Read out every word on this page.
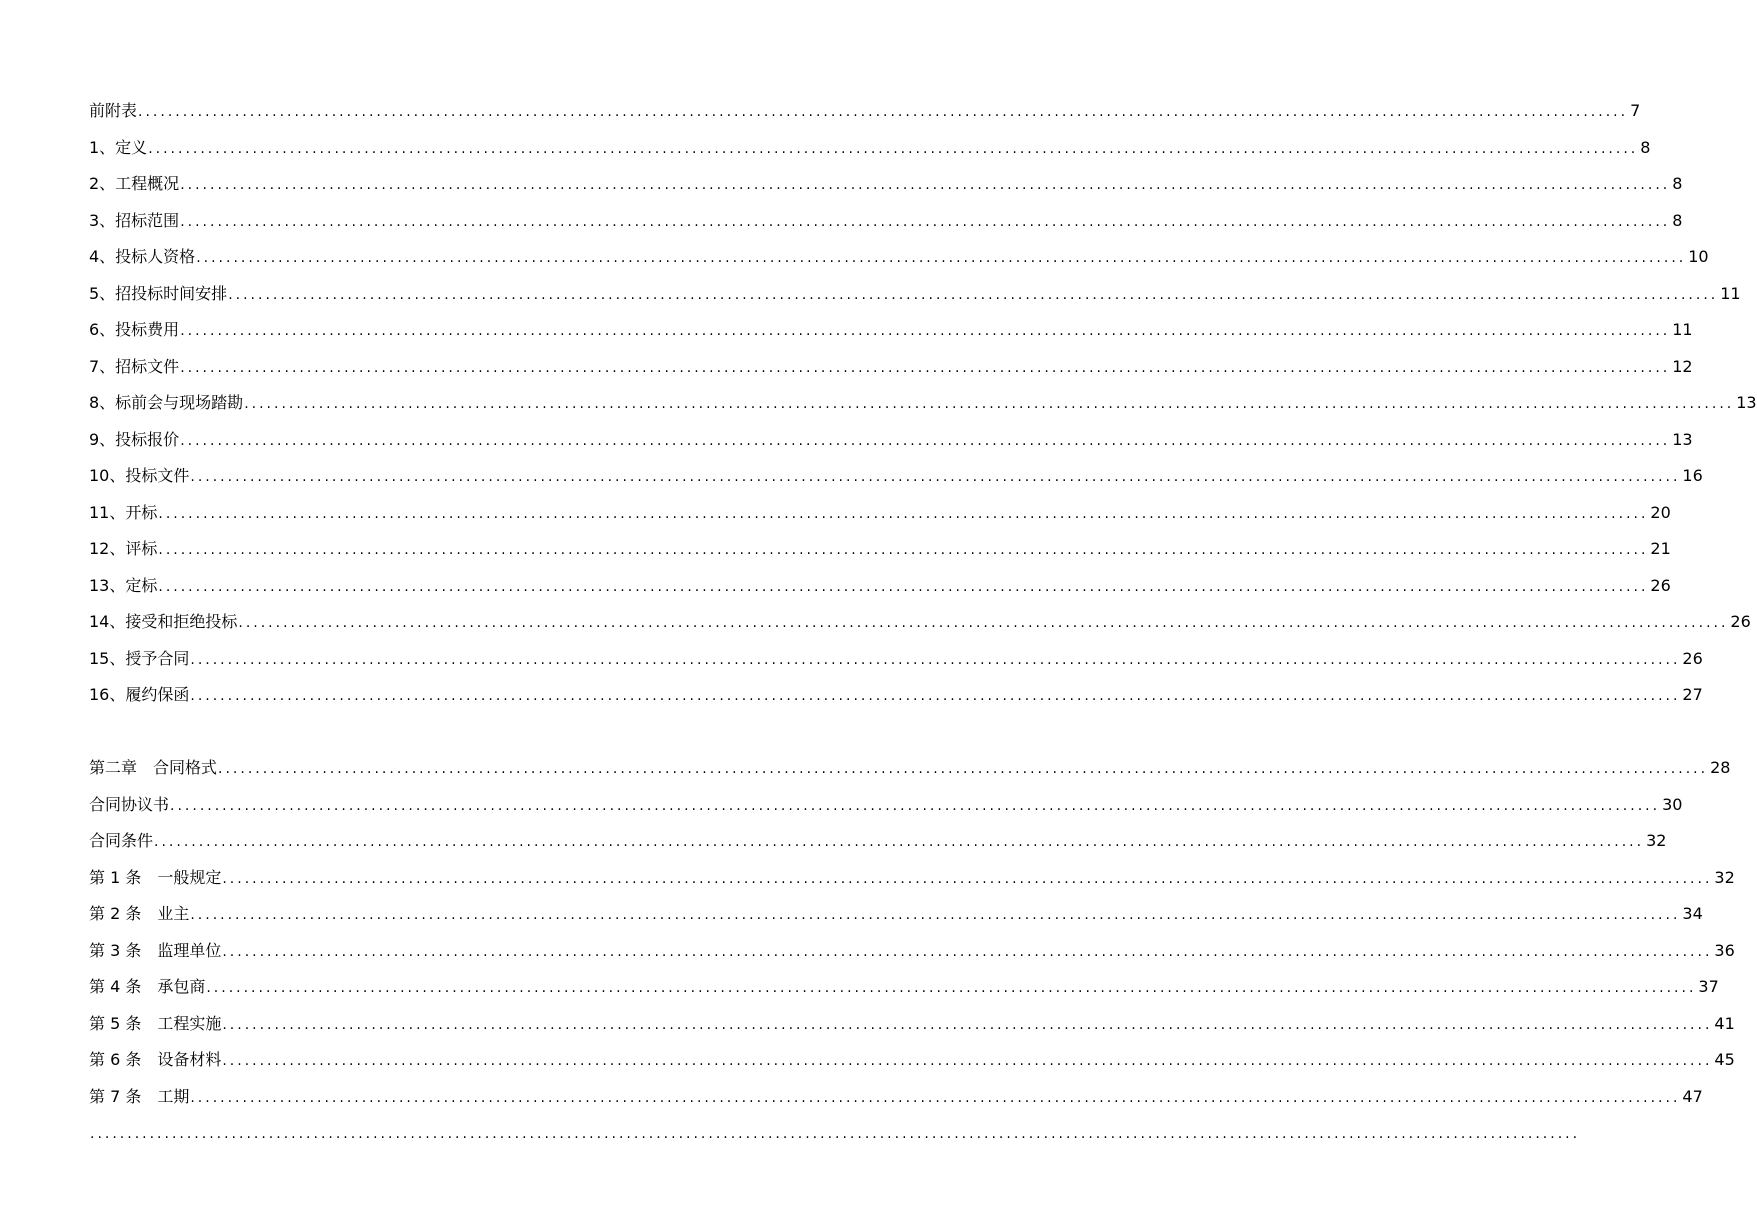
前附表 ........................................................................................................................................................................................................ 7
1、定义 ........................................................................................................................................................................................................ 8
2、工程概况 ........................................................................................................................................................................................................ 8
3、招标范围 ........................................................................................................................................................................................................ 8
4、投标人资格 ........................................................................................................................................................................................................ 10
5、招投标时间安排 ........................................................................................................................................................................................................ 11
6、投标费用 ........................................................................................................................................................................................................ 11
7、招标文件 ........................................................................................................................................................................................................ 12
8、标前会与现场踏勘 ........................................................................................................................................................................................................ 13
9、投标报价 ........................................................................................................................................................................................................ 13
10、投标文件 ........................................................................................................................................................................................................ 16
11、开标 ........................................................................................................................................................................................................ 20
12、评标 ........................................................................................................................................................................................................ 21
13、定标 ........................................................................................................................................................................................................ 26
14、接受和拒绝投标 ........................................................................................................................................................................................................ 26
15、授予合同 ........................................................................................................................................................................................................ 26
16、履约保函 ........................................................................................................................................................................................................ 27
第二章　合同格式 ........................................................................................................................................................................................................ 28
合同协议书 ........................................................................................................................................................................................................ 30
合同条件 ........................................................................................................................................................................................................ 32
第 1 条　一般规定 ........................................................................................................................................................................................................ 32
第 2 条　业主 ........................................................................................................................................................................................................ 34
第 3 条　监理单位 ........................................................................................................................................................................................................ 36
第 4 条　承包商 ........................................................................................................................................................................................................ 37
第 5 条　工程实施 ........................................................................................................................................................................................................ 41
第 6 条　设备材料 ........................................................................................................................................................................................................ 45
第 7 条　工期 ........................................................................................................................................................................................................ 47
........................................................................................................................................................................................................
